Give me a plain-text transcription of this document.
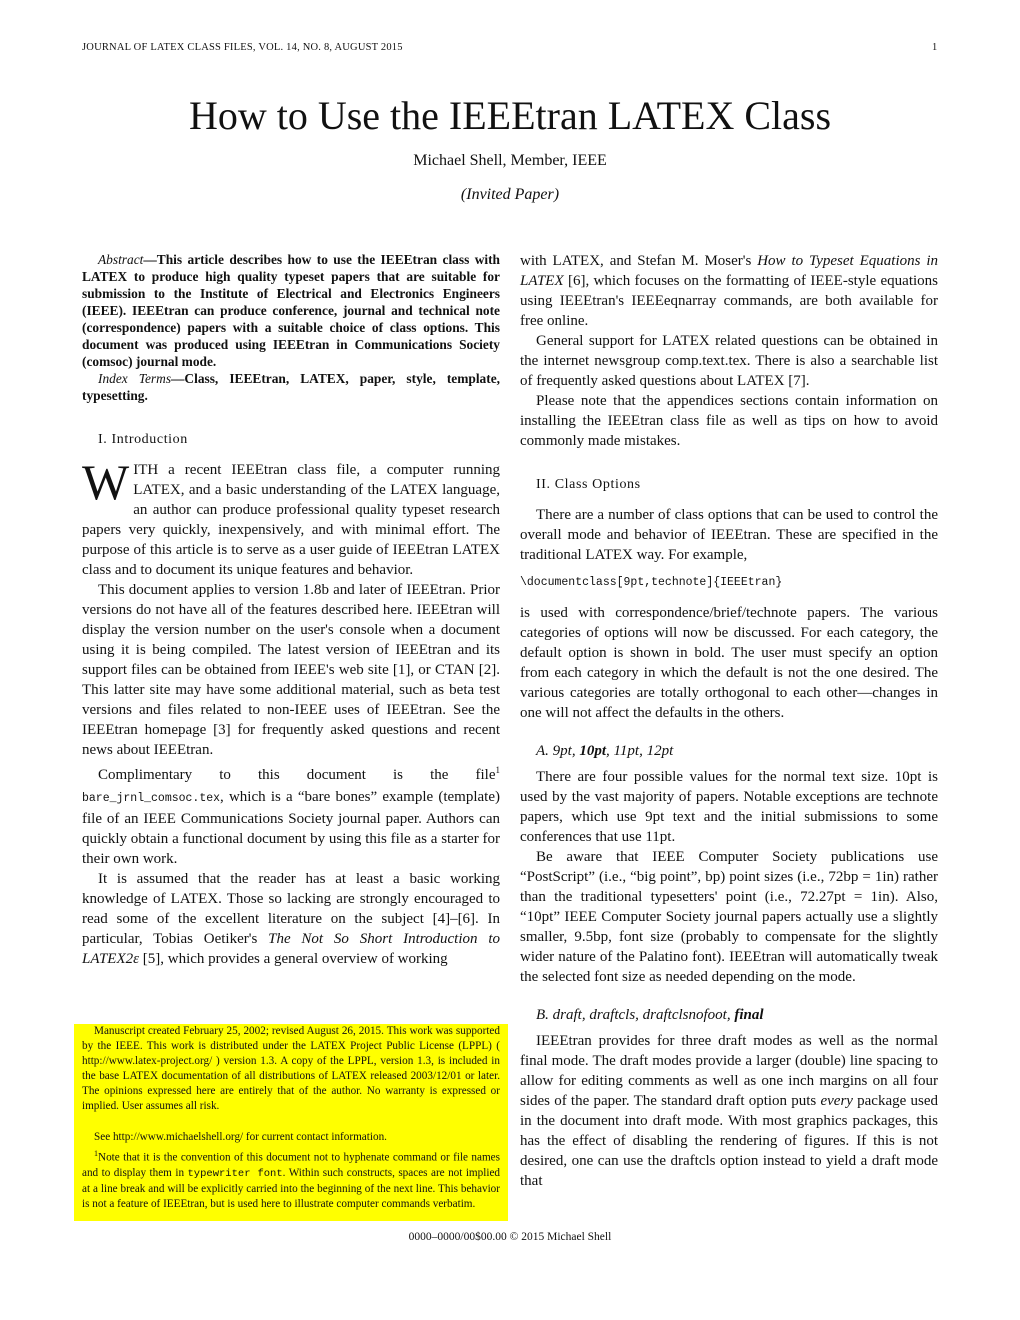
JOURNAL OF LATEX CLASS FILES, VOL. 14, NO. 8, AUGUST 2015	1
How to Use the IEEEtran LATEX Class
Michael Shell, Member, IEEE
(Invited Paper)

Abstract—This article describes how to use the IEEEtran class with LATEX to produce high quality typeset papers that are suitable for submission to the Institute of Electrical and Electronics Engineers (IEEE). IEEEtran can produce conference, journal and technical note (correspondence) papers with a suitable choice of class options. This document was produced using IEEEtran in Communications Society (comsoc) journal mode.

Index Terms—Class, IEEEtran, LATEX, paper, style, template, typesetting.

I. Introduction

WITH a recent IEEEtran class file, a computer running LATEX, and a basic understanding of the LATEX language, an author can produce professional quality typeset research papers very quickly, inexpensively, and with minimal effort. The purpose of this article is to serve as a user guide of IEEEtran LATEX class and to document its unique features and behavior.

This document applies to version 1.8b and later of IEEEtran. Prior versions do not have all of the features described here. IEEEtran will display the version number on the user's console when a document using it is being compiled. The latest version of IEEEtran and its support files can be obtained from IEEE's web site [1], or CTAN [2]. This latter site may have some additional material, such as beta test versions and files related to non-IEEE uses of IEEEtran. See the IEEEtran homepage [3] for frequently asked questions and recent news about IEEEtran.

Complimentary to this document is the file$^1$ bare_jrnl_comsoc.tex, which is a “bare bones” example (template) file of an IEEE Communications Society journal paper. Authors can quickly obtain a functional document by using this file as a starter for their own work.

It is assumed that the reader has at least a basic working knowledge of LATEX. Those so lacking are strongly encouraged to read some of the excellent literature on the subject [4]–[6]. In particular, Tobias Oetiker's The Not So Short Introduction to LATEX2ε [5], which provides a general overview of working

Manuscript created February 25, 2002; revised August 26, 2015. This work was supported by the IEEE. This work is distributed under the LATEX Project Public License (LPPL) ( http://www.latex-project.org/ ) version 1.3. A copy of the LPPL, version 1.3, is included in the base LATEX documentation of all distributions of LATEX released 2003/12/01 or later. The opinions expressed here are entirely that of the author. No warranty is expressed or implied. User assumes all risk.

See http://www.michaelshell.org/ for current contact information.

$^1$Note that it is the convention of this document not to hyphenate command or file names and to display them in typewriter font. Within such constructs, spaces are not implied at a line break and will be explicitly carried into the beginning of the next line. This behavior is not a feature of IEEEtran, but is used here to illustrate computer commands verbatim.

with LATEX, and Stefan M. Moser's How to Typeset Equations in LATEX [6], which focuses on the formatting of IEEE-style equations using IEEEtran's IEEEeqnarray commands, are both available for free online.

General support for LATEX related questions can be obtained in the internet newsgroup comp.text.tex. There is also a searchable list of frequently asked questions about LATEX [7].

Please note that the appendices sections contain information on installing the IEEEtran class file as well as tips on how to avoid commonly made mistakes.

II. Class Options

There are a number of class options that can be used to control the overall mode and behavior of IEEEtran. These are specified in the traditional LATEX way. For example,

\documentclass[9pt,technote]{IEEEtran}

is used with correspondence/brief/technote papers. The various categories of options will now be discussed. For each category, the default option is shown in bold. The user must specify an option from each category in which the default is not the one desired. The various categories are totally orthogonal to each other—changes in one will not affect the defaults in the others.

A. 9pt, 10pt, 11pt, 12pt

There are four possible values for the normal text size. 10pt is used by the vast majority of papers. Notable exceptions are technote papers, which use 9pt text and the initial submissions to some conferences that use 11pt.

Be aware that IEEE Computer Society publications use “PostScript” (i.e., “big point”, bp) point sizes (i.e., 72bp = 1in) rather than the traditional typesetters' point (i.e., 72.27pt = 1in). Also, “10pt” IEEE Computer Society journal papers actually use a slightly smaller, 9.5bp, font size (probably to compensate for the slightly wider nature of the Palatino font). IEEEtran will automatically tweak the selected font size as needed depending on the mode.

B. draft, draftcls, draftclsnofoot, final

IEEEtran provides for three draft modes as well as the normal final mode. The draft modes provide a larger (double) line spacing to allow for editing comments as well as one inch margins on all four sides of the paper. The standard draft option puts every package used in the document into draft mode. With most graphics packages, this has the effect of disabling the rendering of figures. If this is not desired, one can use the draftcls option instead to yield a draft mode that

0000–0000/00$00.00 © 2015 Michael Shell
